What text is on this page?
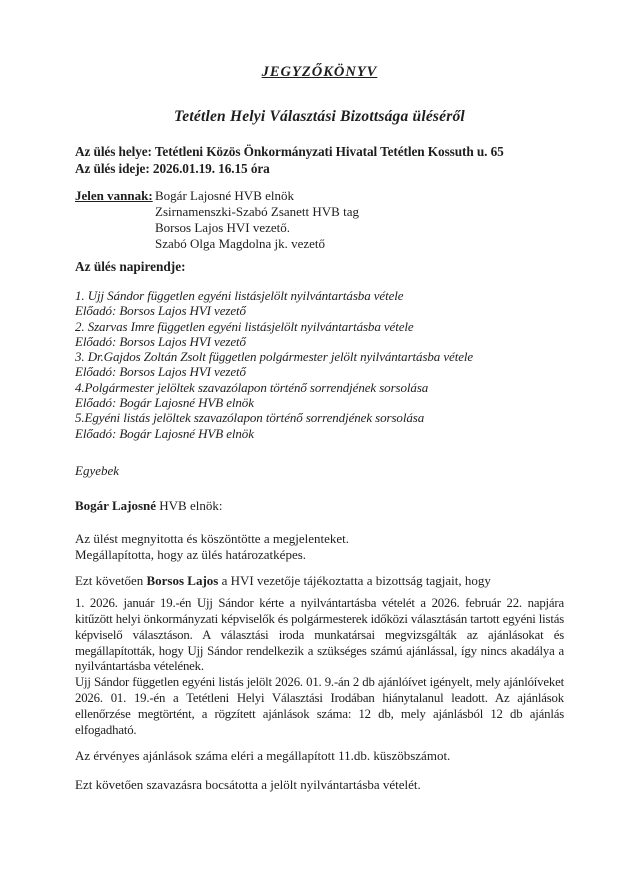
JEGYZŐKÖNYV
Tetétlen Helyi Választási Bizottsága üléséről
Az ülés helye: Tetétleni Közös Önkormányzati Hivatal Tetétlen Kossuth u. 65
Az ülés ideje: 2026.01.19. 16.15 óra
Jelen vannak: Bogár Lajosné HVB elnök
Zsirnamenszki-Szabó Zsanett HVB tag
Borsos Lajos HVI vezető.
Szabó Olga Magdolna jk. vezető
Az ülés napirendje:
1. Ujj Sándor független egyéni listásjelölt nyilvántartásba vétele
Előadó: Borsos Lajos HVI vezető
2. Szarvas Imre független egyéni listásjelölt nyilvántartásba vétele
Előadó: Borsos Lajos HVI vezető
3. Dr.Gajdos Zoltán Zsolt független polgármester jelölt nyilvántartásba vétele
Előadó: Borsos Lajos HVI vezető
4.Polgármester jelöltek szavazólapon történő sorrendjének sorsolása
Előadó: Bogár Lajosné HVB elnök
5.Egyéni listás jelöltek szavazólapon történő sorrendjének sorsolása
Előadó: Bogár Lajosné HVB elnök
Egyebek
Bogár Lajosné HVB elnök:
Az ülést megnyitotta és köszöntötte a megjelenteket.
Megállapította, hogy az ülés határozatképes.
Ezt követően Borsos Lajos a HVI vezetője tájékoztatta a bizottság tagjait, hogy

1. 2026. január 19.-én Ujj Sándor kérte a nyilvántartásba vételét a 2026. február 22. napjára kitűzött helyi önkormányzati képviselők és polgármesterek időközi választásán tartott egyéni listás képviselő választáson. A választási iroda munkatársai megvizsgálták az ajánlásokat és megállapították, hogy Ujj Sándor rendelkezik a szükséges számú ajánlással, így nincs akadálya a nyilvántartásba vételének.

Ujj Sándor független egyéni listás jelölt 2026. 01. 9.-án 2 db ajánlóívet igényelt, mely ajánlóíveket 2026. 01. 19.-én a Tetétleni Helyi Választási Irodában hiánytalanul leadott. Az ajánlások ellenőrzése megtörtént, a rögzített ajánlások száma: 12 db, mely ajánlásból 12 db ajánlás elfogadható.

Az érvényes ajánlások száma eléri a megállapított 11.db. küszöbszámot.

Ezt követően szavazásra bocsátotta a jelölt nyilvántartásba vételét.
